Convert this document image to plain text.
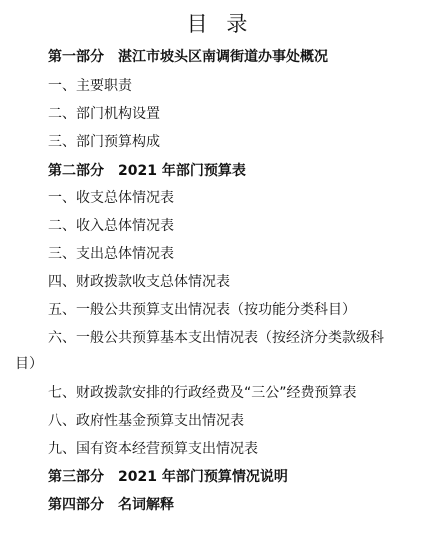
目 录
第一部分 湛江市坡头区南调街道办事处概况
一、主要职责
二、部门机构设置
三、部门预算构成
第二部分 2021 年部门预算表
一、收支总体情况表
二、收入总体情况表
三、支出总体情况表
四、财政拨款收支总体情况表
五、一般公共预算支出情况表（按功能分类科目）
六、一般公共预算基本支出情况表（按经济分类款级科
目）
七、财政拨款安排的行政经费及“三公”经费预算表
八、政府性基金预算支出情况表
九、国有资本经营预算支出情况表
第三部分 2021 年部门预算情况说明
第四部分 名词解释
